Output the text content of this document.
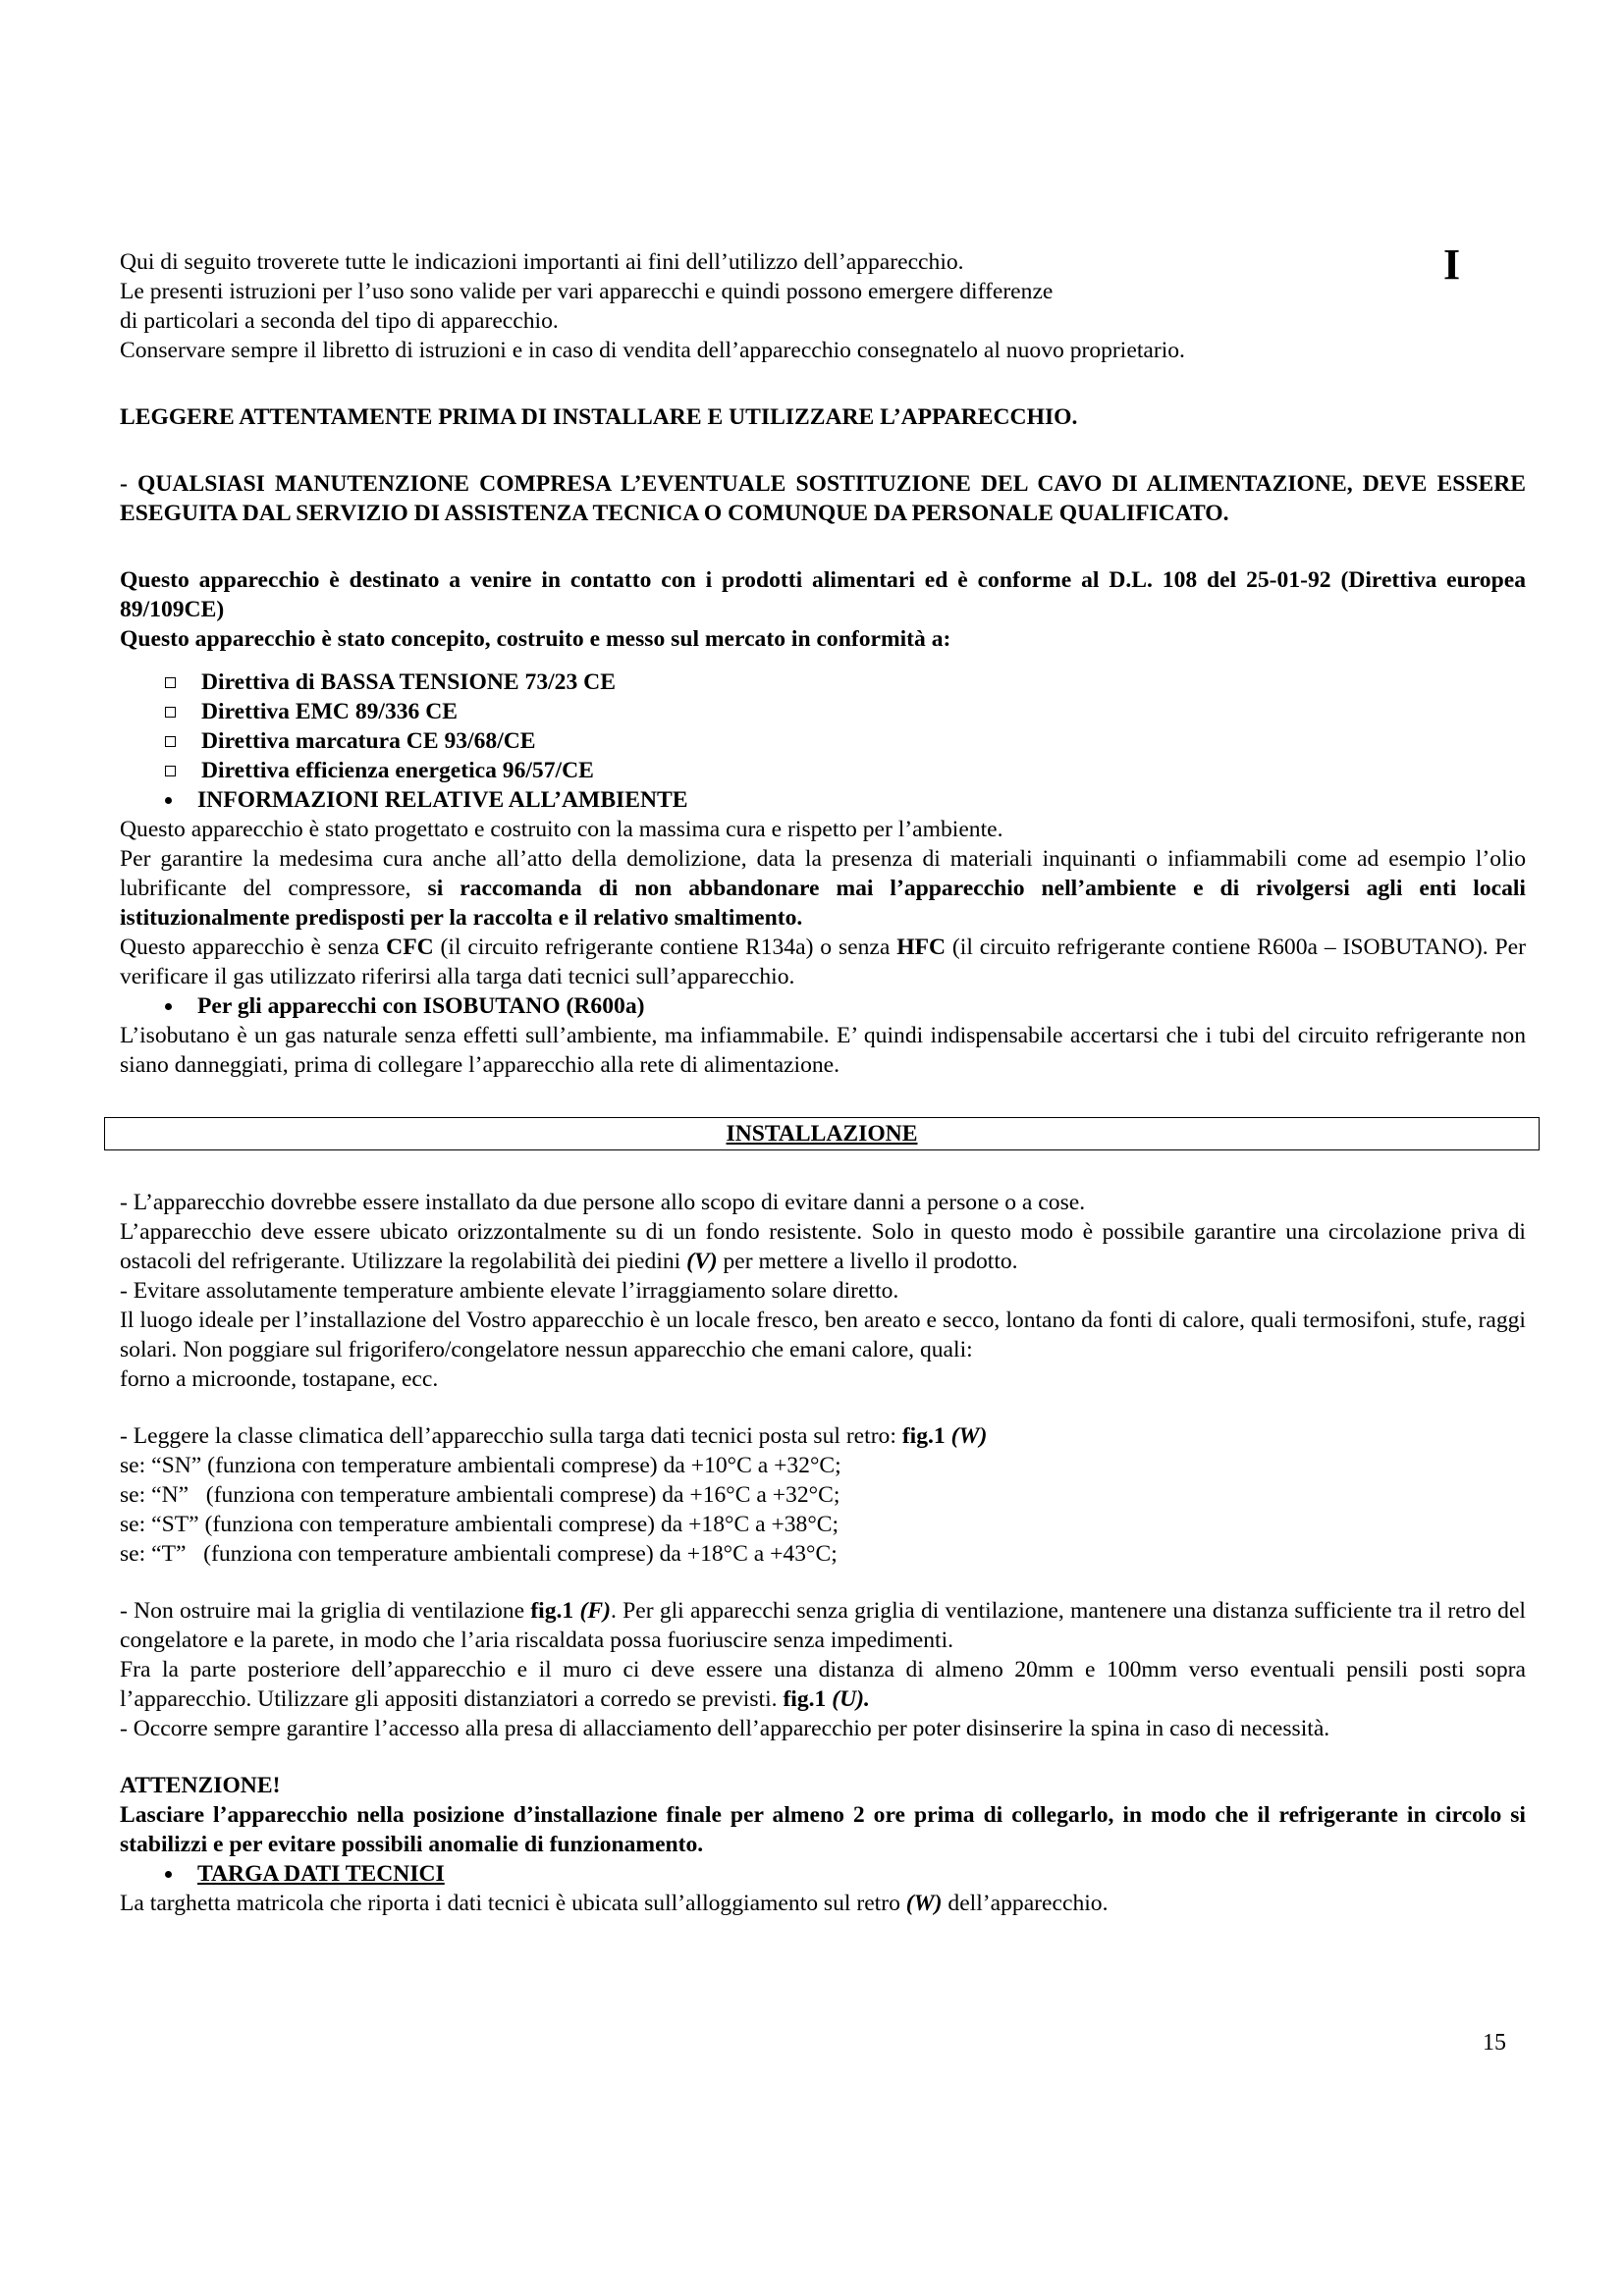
I

Qui di seguito troverete tutte le indicazioni importanti ai fini dell’utilizzo dell’apparecchio.

Le presenti istruzioni per l’uso sono valide per vari apparecchi e quindi possono emergere differenze

di particolari a seconda del tipo di apparecchio.

Conservare sempre il libretto di istruzioni e in caso di vendita dell’apparecchio consegnatelo al nuovo proprietario.

LEGGERE ATTENTAMENTE PRIMA DI INSTALLARE E UTILIZZARE L’APPARECCHIO.

- QUALSIASI MANUTENZIONE COMPRESA L’EVENTUALE SOSTITUZIONE DEL CAVO DI ALIMENTAZIONE, DEVE ESSERE ESEGUITA DAL SERVIZIO DI ASSISTENZA TECNICA O COMUNQUE DA PERSONALE QUALIFICATO.

Questo apparecchio è destinato a venire in contatto con i prodotti alimentari ed è conforme al D.L. 108 del 25-01-92 (Direttiva europea 89/109CE)

Questo apparecchio è stato concepito, costruito e messo sul mercato in conformità a:

Direttiva di BASSA TENSIONE 73/23 CE
Direttiva EMC 89/336 CE
Direttiva marcatura CE 93/68/CE
Direttiva efficienza energetica 96/57/CE
INFORMAZIONI RELATIVE ALL’AMBIENTE

Questo apparecchio è stato progettato e costruito con la massima cura e rispetto per l’ambiente.

Per garantire la medesima cura anche all’atto della demolizione, data la presenza di materiali inquinanti o infiammabili come ad esempio l’olio lubrificante del compressore, si raccomanda di non abbandonare mai l’apparecchio nell’ambiente e di rivolgersi agli enti locali istituzionalmente predisposti per la raccolta e il relativo smaltimento.

Questo apparecchio è senza CFC (il circuito refrigerante contiene R134a) o senza HFC (il circuito refrigerante contiene R600a – ISOBUTANO). Per verificare il gas utilizzato riferirsi alla targa dati tecnici sull’apparecchio.

Per gli apparecchi con ISOBUTANO (R600a)

L’isobutano è un gas naturale senza effetti sull’ambiente, ma infiammabile. E’ quindi indispensabile accertarsi che i tubi del circuito refrigerante non siano danneggiati, prima di collegare l’apparecchio alla rete di alimentazione.

INSTALLAZIONE

- L’apparecchio dovrebbe essere installato da due persone allo scopo di evitare danni a persone o a cose.

L’apparecchio deve essere ubicato orizzontalmente su di un fondo resistente. Solo in questo modo è possibile garantire una circolazione priva di ostacoli del refrigerante. Utilizzare la regolabilità dei piedini (V) per mettere a livello il prodotto.

- Evitare assolutamente temperature ambiente elevate l’irraggiamento solare diretto.

Il luogo ideale per l’installazione del Vostro apparecchio è un locale fresco, ben areato e secco, lontano da fonti di calore, quali termosifoni, stufe, raggi solari. Non poggiare sul frigorifero/congelatore nessun apparecchio che emani calore, quali:

forno a microonde, tostapane, ecc.

- Leggere la classe climatica dell’apparecchio sulla targa dati tecnici posta sul retro: fig.1 (W)

se: “SN” (funziona con temperature ambientali comprese) da +10°C a +32°C;

se: “N”   (funziona con temperature ambientali comprese) da +16°C a +32°C;

se: “ST” (funziona con temperature ambientali comprese) da +18°C a +38°C;

se: “T”   (funziona con temperature ambientali comprese) da +18°C a +43°C;

- Non ostruire mai la griglia di ventilazione fig.1 (F). Per gli apparecchi senza griglia di ventilazione, mantenere una distanza sufficiente tra il retro del congelatore e la parete, in modo che l’aria riscaldata possa fuoriuscire senza impedimenti.

Fra la parte posteriore dell’apparecchio e il muro ci deve essere una distanza di almeno 20mm e 100mm verso eventuali pensili posti sopra l’apparecchio. Utilizzare gli appositi distanziatori a corredo se previsti. fig.1 (U).

- Occorre sempre garantire l’accesso alla presa di allacciamento dell’apparecchio per poter disinserire la spina in caso di necessità.

ATTENZIONE!

Lasciare l’apparecchio nella posizione d’installazione finale per almeno 2 ore prima di collegarlo, in modo che il refrigerante in circolo si stabilizzi e per evitare possibili anomalie di funzionamento.

TARGA DATI TECNICI

La targhetta matricola che riporta i dati tecnici è ubicata sull’alloggiamento sul retro (W) dell’apparecchio.

15
